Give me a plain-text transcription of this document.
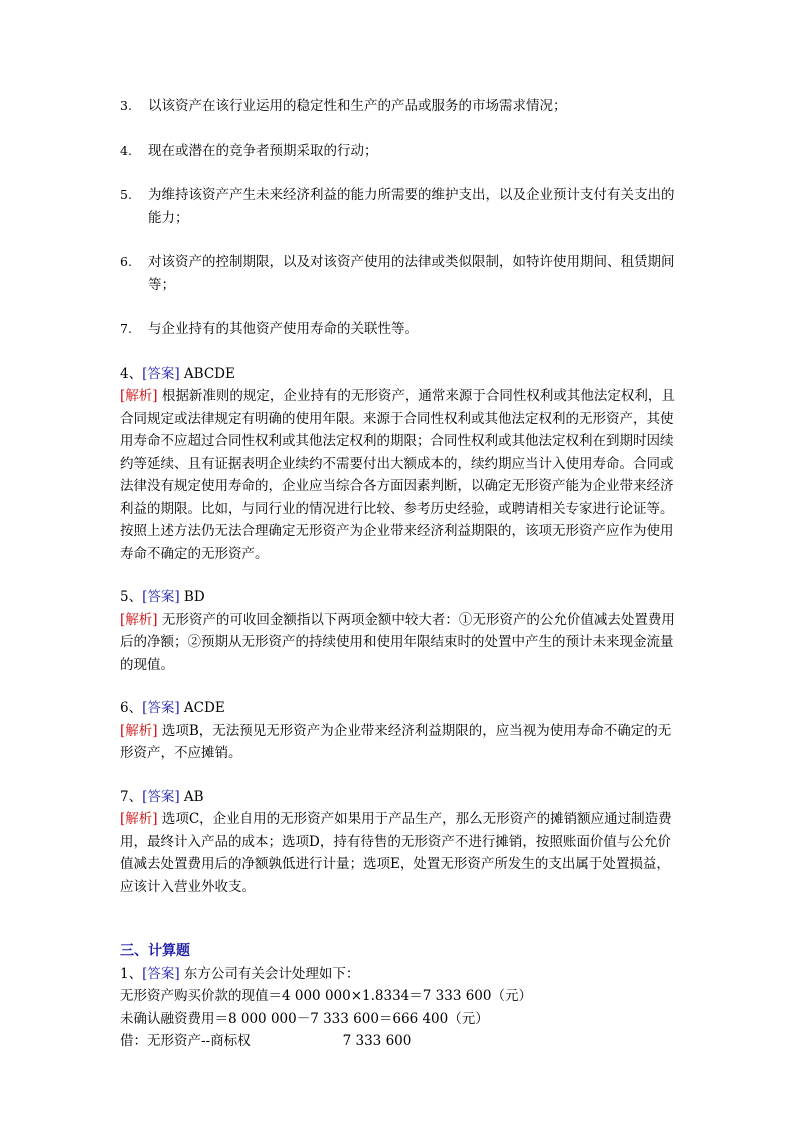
3. 以该资产在该行业运用的稳定性和生产的产品或服务的市场需求情况；
4. 现在或潜在的竞争者预期采取的行动；
5. 为维持该资产产生未来经济利益的能力所需要的维护支出，以及企业预计支付有关支出的能力；
6. 对该资产的控制期限，以及对该资产使用的法律或类似限制，如特许使用期间、租赁期间等；
7. 与企业持有的其他资产使用寿命的关联性等。

4、[答案] ABCDE

[解析] 根据新准则的规定，企业持有的无形资产，通常来源于合同性权利或其他法定权利，且合同规定或法律规定有明确的使用年限。来源于合同性权利或其他法定权利的无形资产，其使用寿命不应超过合同性权利或其他法定权利的期限；合同性权利或其他法定权利在到期时因续约等延续、且有证据表明企业续约不需要付出大额成本的，续约期应当计入使用寿命。合同或法律没有规定使用寿命的，企业应当综合各方面因素判断，以确定无形资产能为企业带来经济利益的期限。比如，与同行业的情况进行比较、参考历史经验，或聘请相关专家进行论证等。

按照上述方法仍无法合理确定无形资产为企业带来经济利益期限的，该项无形资产应作为使用寿命不确定的无形资产。

5、[答案] BD

[解析] 无形资产的可收回金额指以下两项金额中较大者：①无形资产的公允价值减去处置费用后的净额；②预期从无形资产的持续使用和使用年限结束时的处置中产生的预计未来现金流量的现值。

6、[答案] ACDE

[解析] 选项B，无法预见无形资产为企业带来经济利益期限的，应当视为使用寿命不确定的无形资产，不应摊销。

7、[答案] AB

[解析] 选项C，企业自用的无形资产如果用于产品生产，那么无形资产的摊销额应通过制造费用，最终计入产品的成本；选项D，持有待售的无形资产不进行摊销，按照账面价值与公允价值减去处置费用后的净额孰低进行计量；选项E，处置无形资产所发生的支出属于处置损益，应该计入营业外收支。

三、计算题

1、[答案] 东方公司有关会计处理如下：

无形资产购买价款的现值＝4 000 000×1.8334＝7 333 600（元）

未确认融资费用＝8 000 000－7 333 600＝666 400（元）

借：无形资产--商标权	7 333 600
